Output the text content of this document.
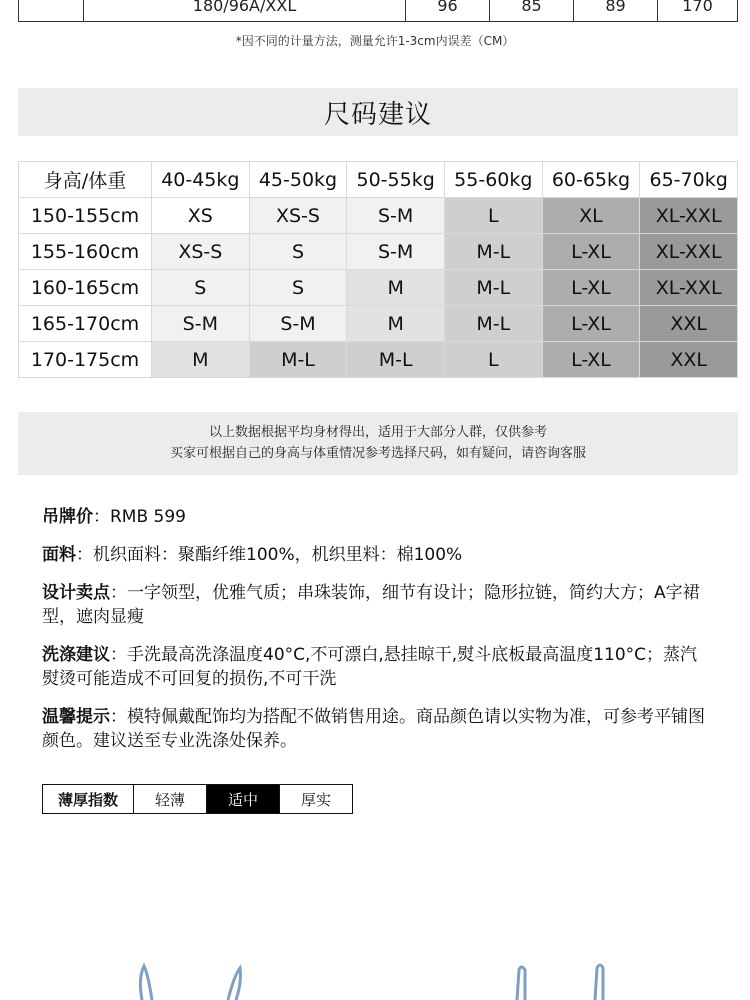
180/96A/XXL	96	85	89	170
*因不同的计量方法，测量允许1-3cm内误差（CM）
尺码建议
身高/体重	40-45kg	45-50kg	50-55kg	55-60kg	60-65kg	65-70kg
150-155cm	XS	XS-S	S-M	L	XL	XL-XXL
155-160cm	XS-S	S	S-M	M-L	L-XL	XL-XXL
160-165cm	S	S	M	M-L	L-XL	XL-XXL
165-170cm	S-M	S-M	M	M-L	L-XL	XXL
170-175cm	M	M-L	M-L	L	L-XL	XXL
以上数据根据平均身材得出，适用于大部分人群，仅供参考
买家可根据自己的身高与体重情况参考选择尺码，如有疑问，请咨询客服

吊牌价：RMB 599

面料：机织面料：聚酯纤维100%，机织里料：棉100%

设计卖点：一字领型，优雅气质；串珠装饰，细节有设计；隐形拉链，简约大方；A字裙型，遮肉显瘦

洗涤建议：手洗最高洗涤温度40°C,不可漂白,悬挂晾干,熨斗底板最高温度110°C；蒸汽熨烫可能造成不可回复的损伤,不可干洗

温馨提示：模特佩戴配饰均为搭配不做销售用途。商品颜色请以实物为准，可参考平铺图颜色。建议送至专业洗涤处保养。

薄厚指数	轻薄	适中	厚实
